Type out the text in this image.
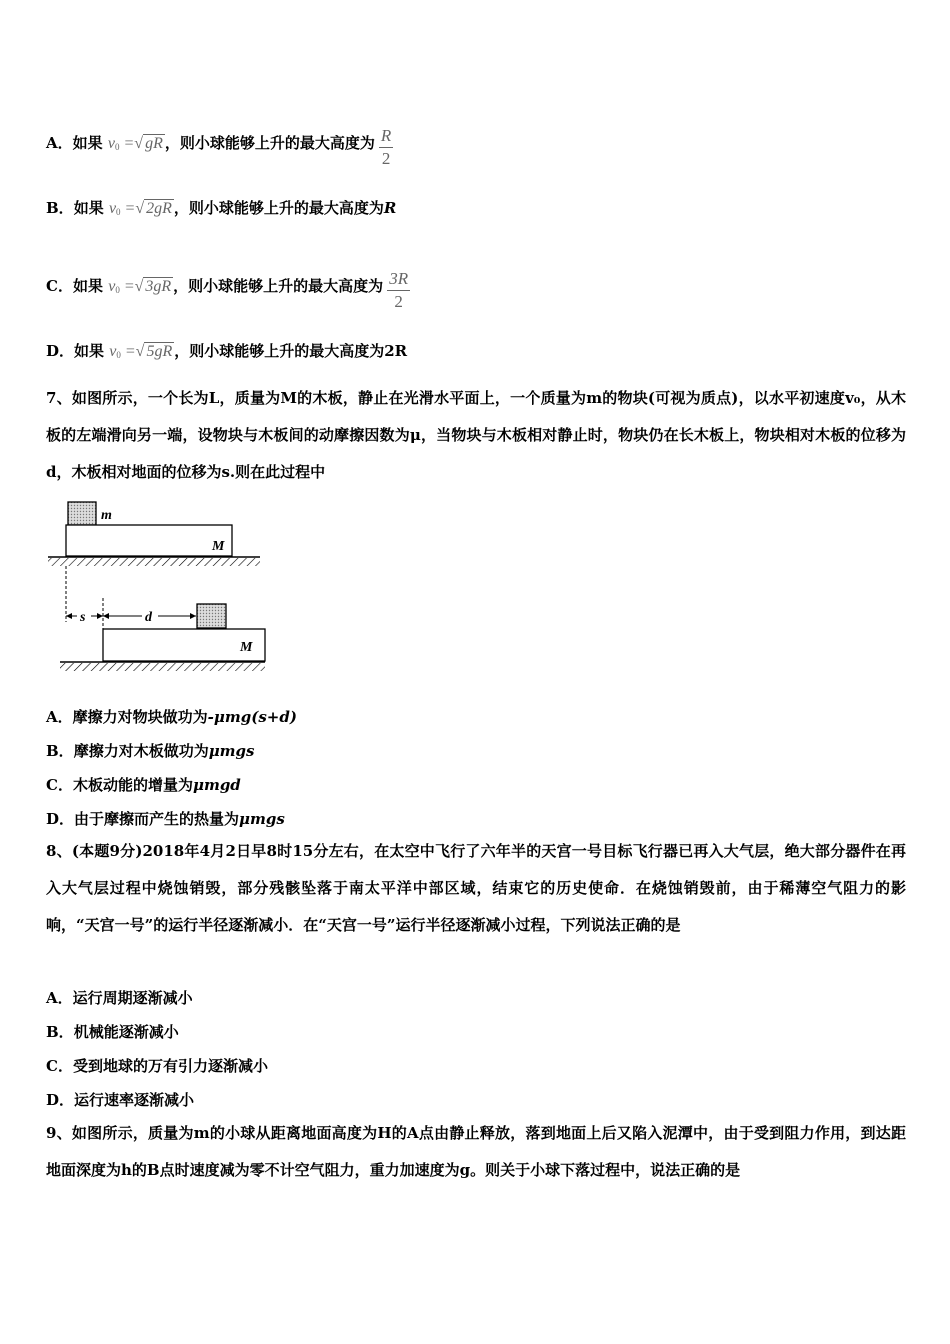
A．如果 $v_0$ =√ gR ，则小球能够上升的最大高度为 $\frac{R}{2}$
B．如果 $v_0$ =√ 2gR ，则小球能够上升的最大高度为R
C．如果 $v_0$ =√ 3gR ，则小球能够上升的最大高度为 $\frac{3R}{2}$
D．如果 $v_0$ =√ 5gR ，则小球能够上升的最大高度为2R
7、如图所示，一个长为L，质量为M的木板，静止在光滑水平面上，一个质量为m的物块(可视为质点)，以水平初速度v₀，从木板的左端滑向另一端，设物块与木板间的动摩擦因数为μ，当物块与木板相对静止时，物块仍在长木板上，物块相对木板的位移为d，木板相对地面的位移为s.则在此过程中
m
M
s	d
M
A．摩擦力对物块做功为-μmg(s+d)
B．摩擦力对木板做功为μmgs
C．木板动能的增量为μmgd
D．由于摩擦而产生的热量为μmgs
8、(本题9分)2018年4月2日早8时15分左右，在太空中飞行了六年半的天宫一号目标飞行器已再入大气层，绝大部分器件在再入大气层过程中烧蚀销毁，部分残骸坠落于南太平洋中部区域，结束它的历史使命．在烧蚀销毁前，由于稀薄空气阻力的影响，“天宫一号”的运行半径逐渐减小．在“天宫一号”运行半径逐渐减小过程，下列说法正确的是
A．运行周期逐渐减小
B．机械能逐渐减小
C．受到地球的万有引力逐渐减小
D．运行速率逐渐减小
9、如图所示，质量为m的小球从距离地面高度为H的A点由静止释放，落到地面上后又陷入泥潭中，由于受到阻力作用，到达距地面深度为h的B点时速度减为零不计空气阻力，重力加速度为g。则关于小球下落过程中，说法正确的是
